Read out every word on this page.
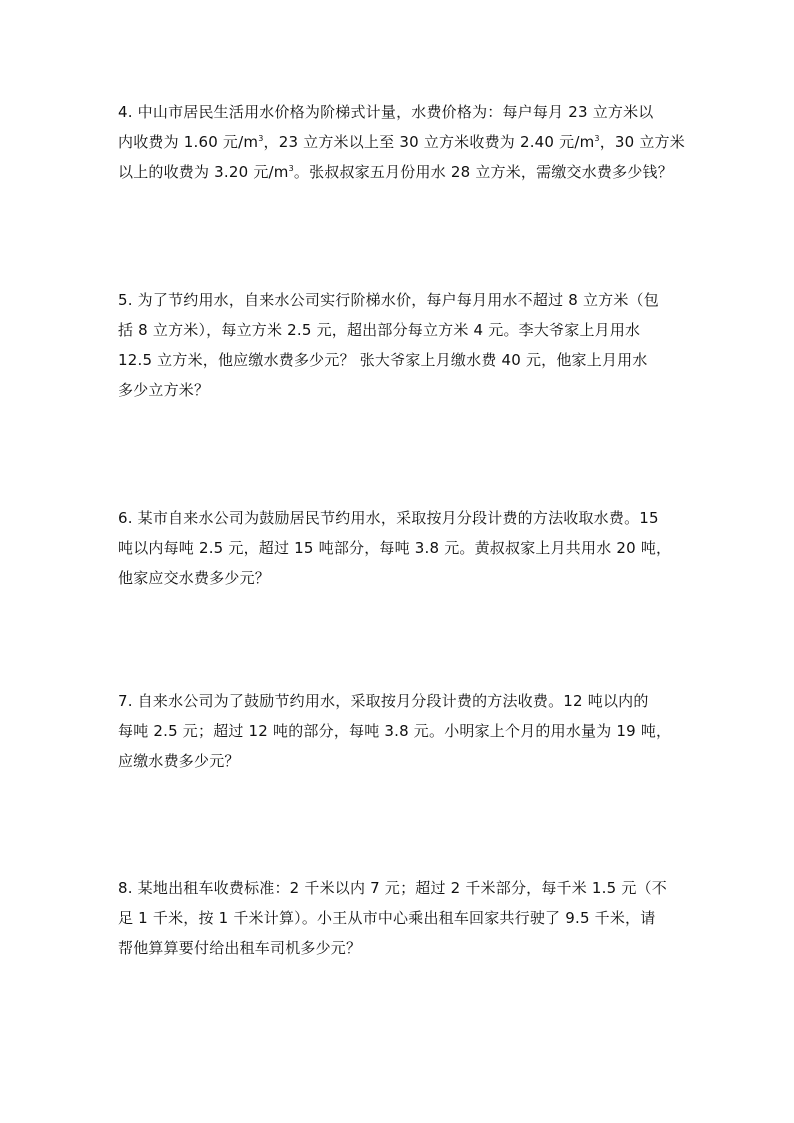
4. 中山市居民生活用水价格为阶梯式计量，水费价格为：每户每月 23 立方米以
内收费为 1.60 元$/m^3$，23 立方米以上至 30 立方米收费为 2.40 元$/m^3$，30 立方米
以上的收费为 3.20 元$/m^3$。张叔叔家五月份用水 28 立方米，需缴交水费多少钱？
5. 为了节约用水，自来水公司实行阶梯水价，每户每月用水不超过 8 立方米（包
括 8 立方米），每立方米 2.5 元，超出部分每立方米 4 元。李大爷家上月用水
12.5 立方米，他应缴水费多少元？ 张大爷家上月缴水费 40 元，他家上月用水
多少立方米？
6. 某市自来水公司为鼓励居民节约用水，采取按月分段计费的方法收取水费。15
吨以内每吨 2.5 元，超过 15 吨部分，每吨 3.8 元。黄叔叔家上月共用水 20 吨，
他家应交水费多少元？
7. 自来水公司为了鼓励节约用水，采取按月分段计费的方法收费。12 吨以内的
每吨 2.5 元；超过 12 吨的部分，每吨 3.8 元。小明家上个月的用水量为 19 吨，
应缴水费多少元？
8. 某地出租车收费标准：2 千米以内 7 元；超过 2 千米部分，每千米 1.5 元（不
足 1 千米，按 1 千米计算）。小王从市中心乘出租车回家共行驶了 9.5 千米，请
帮他算算要付给出租车司机多少元？
